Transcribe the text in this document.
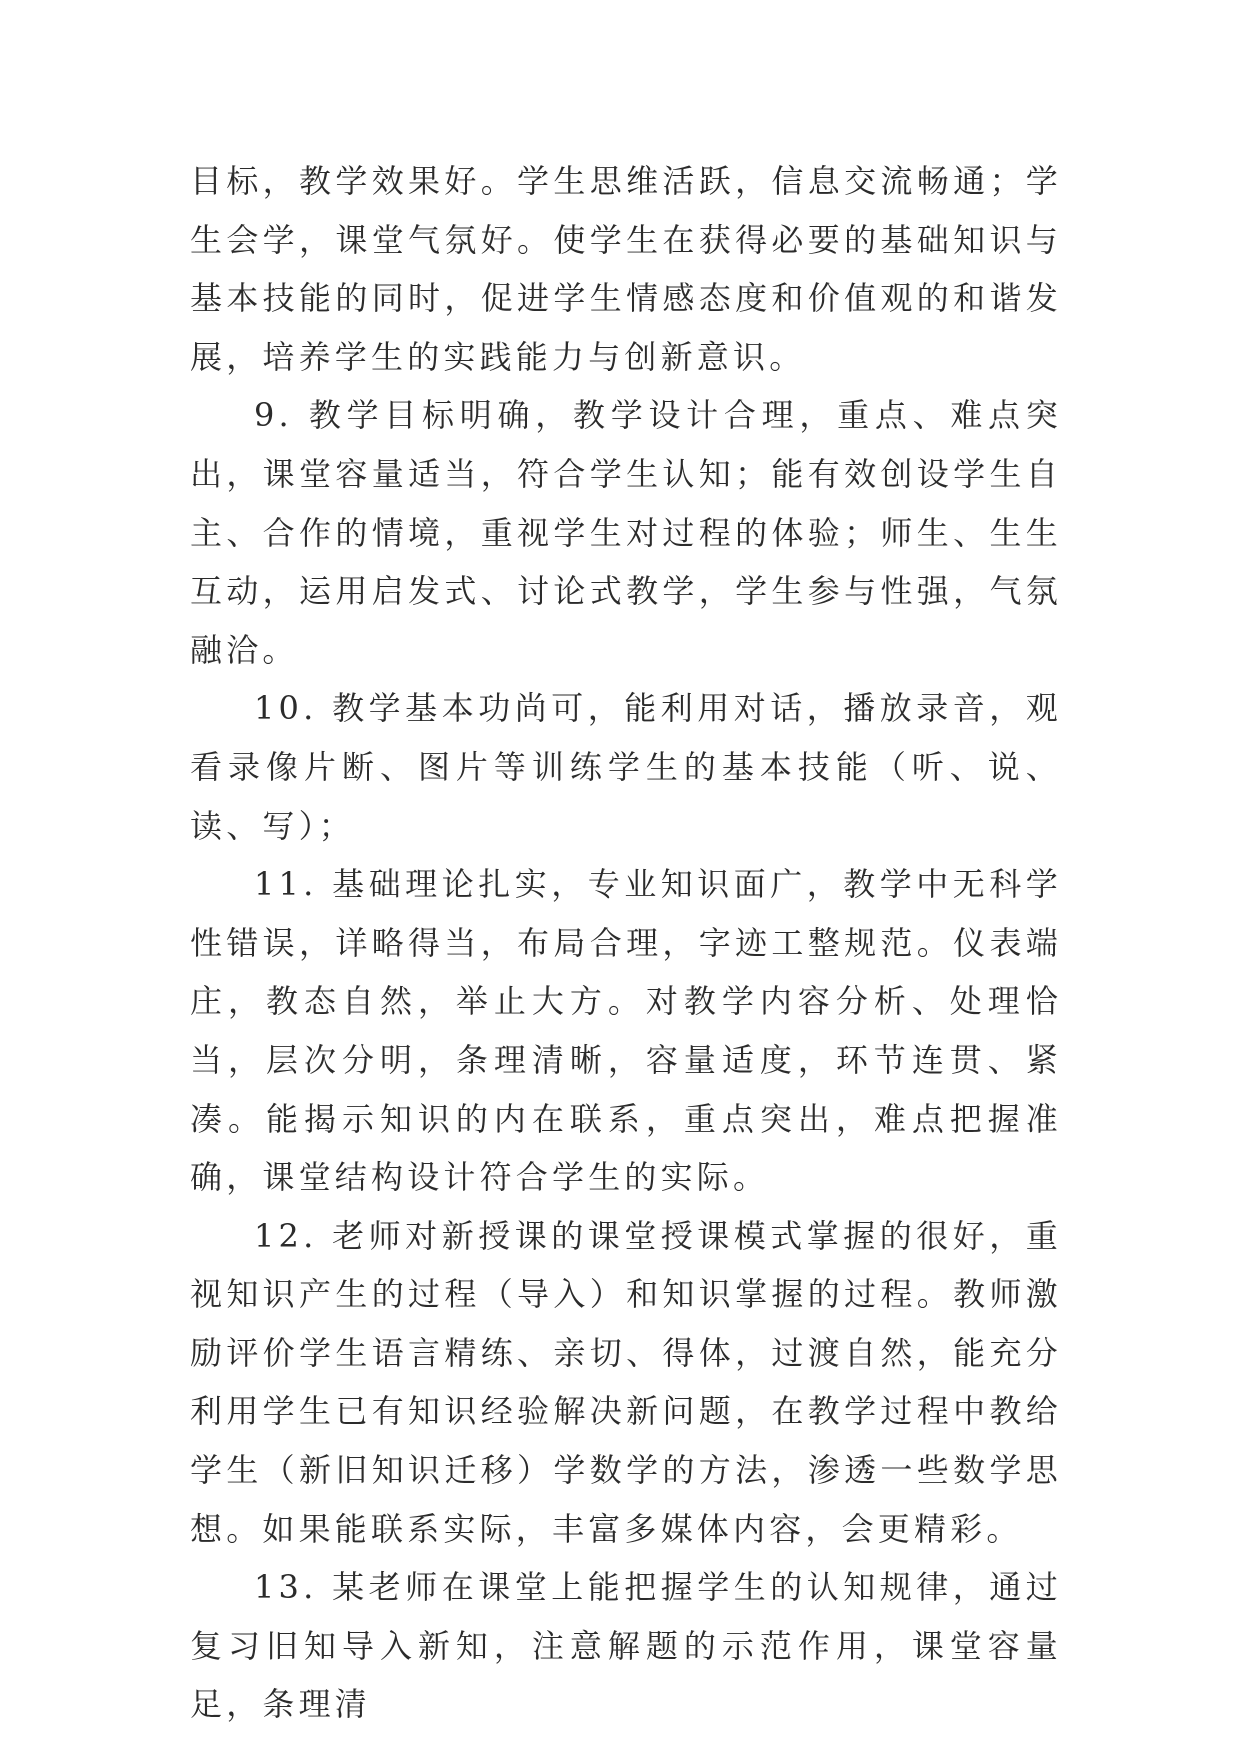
目标，教学效果好。学生思维活跃，信息交流畅通；学生会学，课堂气氛好。使学生在获得必要的基础知识与基本技能的同时，促进学生情感态度和价值观的和谐发展，培养学生的实践能力与创新意识。

9. 教学目标明确，教学设计合理，重点、难点突出，课堂容量适当，符合学生认知；能有效创设学生自主、合作的情境，重视学生对过程的体验；师生、生生互动，运用启发式、讨论式教学，学生参与性强，气氛融洽。

10. 教学基本功尚可，能利用对话，播放录音，观看录像片断、图片等训练学生的基本技能（听、说、读、写）；

11. 基础理论扎实，专业知识面广，教学中无科学性错误，详略得当，布局合理，字迹工整规范。仪表端庄，教态自然，举止大方。对教学内容分析、处理恰当，层次分明，条理清晰，容量适度，环节连贯、紧凑。能揭示知识的内在联系，重点突出，难点把握准确，课堂结构设计符合学生的实际。

12. 老师对新授课的课堂授课模式掌握的很好，重视知识产生的过程（导入）和知识掌握的过程。教师激励评价学生语言精练、亲切、得体，过渡自然，能充分利用学生已有知识经验解决新问题，在教学过程中教给学生（新旧知识迁移）学数学的方法，渗透一些数学思想。如果能联系实际，丰富多媒体内容，会更精彩。

13. 某老师在课堂上能把握学生的认知规律，通过复习旧知导入新知，注意解题的示范作用，课堂容量足，条理清
